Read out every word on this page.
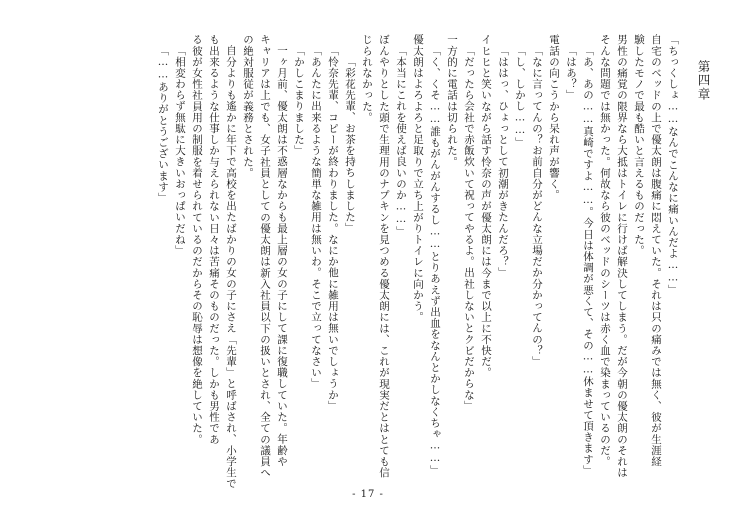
第四章
「ちっくしょ……なんでこんなに痛いんだよ……」
自宅のベッドの上で優太朗は腹痛に悶えていた。それは只の痛みでは無く、彼が生涯経
験したモノで最も酷いと言えるものだった。
男性の痛覚の限界なら大抵はトイレに行けば解決してしまう。だが今朝の優太朗のそれは
そんな問題では無かった。何故なら彼のベッドのシーツは赤く血で染まっているのだ。
「あ、あの……真崎ですよ……。今日は体調が悪くて、その……休ませて頂きます」
「はあ？」
電話の向こうから呆れ声が響く。
「なに言ってんの？お前自分がどんな立場だか分かってんの？」
「し、しかし……」
「ははっ、ひょっとして初潮がきたんだろ？」
イヒヒと笑いながら話す怜奈の声が優太朗には今まで以上に不快だ。
「だったら会社で赤飯炊いて祝ってやるよ。出社しないとクビだからな」
一方的に電話は切られた。
「く、くそ……誰もがんがんするし……とりあえず出血をなんとかしなくちゃ……」
優太朗はよろよろと足取りで立ち上がりトイレに向かう。
「本当にこれを使えば良いのか……」
ぼんやりとした頭で生理用のナプキンを見つめる優太朗には、これが現実だとはとても信
じられなかった。
「彩花先輩、お茶を持ちしました」
「怜奈先輩、コピーが終わりました。なにか他に雑用は無いでしょうか」
「あんたに出来るような簡単な雑用は無いわ。そこで立ってなさい」
「かしこまりました」
一ヶ月前、優太朗は不惑層なからも最上層の女の子にして課に復職していた。年齢や
キャリアは上でも、女子社員としての優太朗は新入社員以下の扱いとされ、全ての議員へ
の絶対服従が義務とされた。
自分よりも遙かに年下で高校を出たばかりの女の子にさえ「先輩」と呼ばされ、小学生で
も出来るような仕事しか与えられない日々は苦痛そのものだった。しかも男性であ
る彼が女性社員用の制服を着せられているのだからその恥辱は想像を絶していた。
「相変わらず無駄に大きいおっぱいだね」
「……ありがとうございます」
- 17 -
